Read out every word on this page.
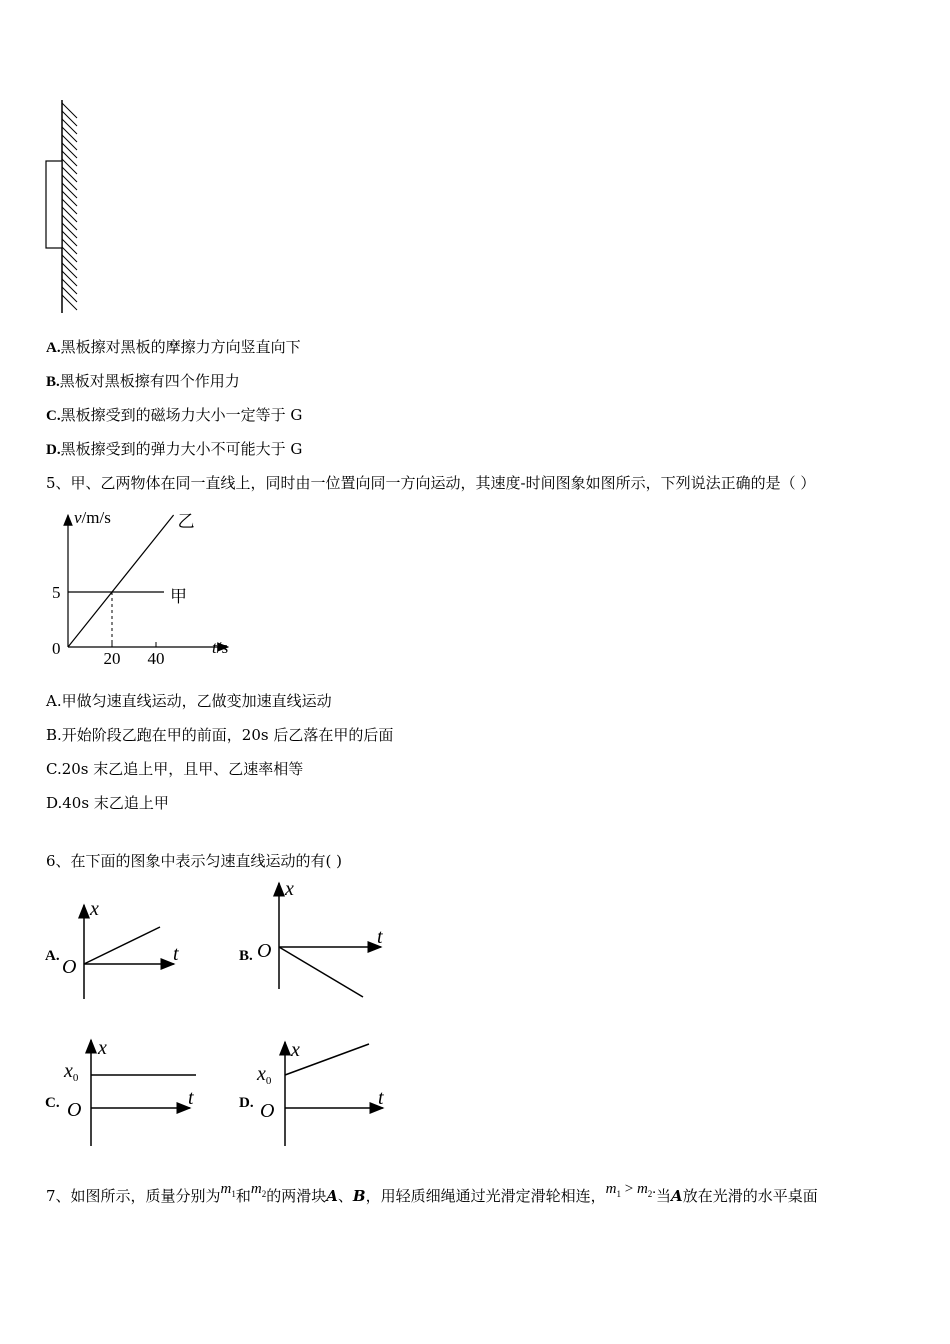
A.黑板擦对黑板的摩擦力方向竖直向下
B.黑板对黑板擦有四个作用力
C.黑板擦受到的磁场力大小一定等于 G
D.黑板擦受到的弹力大小不可能大于 G
5、甲、乙两物体在同一直线上，同时由一位置向同一方向运动，其速度-时间图象如图所示，下列说法正确的是（ ）
v/m/s
t/s
0
5
20 40
甲
乙
A.甲做匀速直线运动，乙做变加速直线运动
B.开始阶段乙跑在甲的前面，20s 后乙落在甲的后面
C.20s 末乙追上甲，且甲、乙速率相等
D.40s 末乙追上甲
6、在下面的图象中表示匀速直线运动的有( )
A.
x
t
O	B.
x
t
O
C.
x
t
O
$x_0$
D.
x
t
O
$x_0$
7、如图所示，质量分别为$m_1$和$m_2$的两滑块A、B，用轻质细绳通过光滑定滑轮相连，$m_1 > m_2$.当A放在光滑的水平桌面
